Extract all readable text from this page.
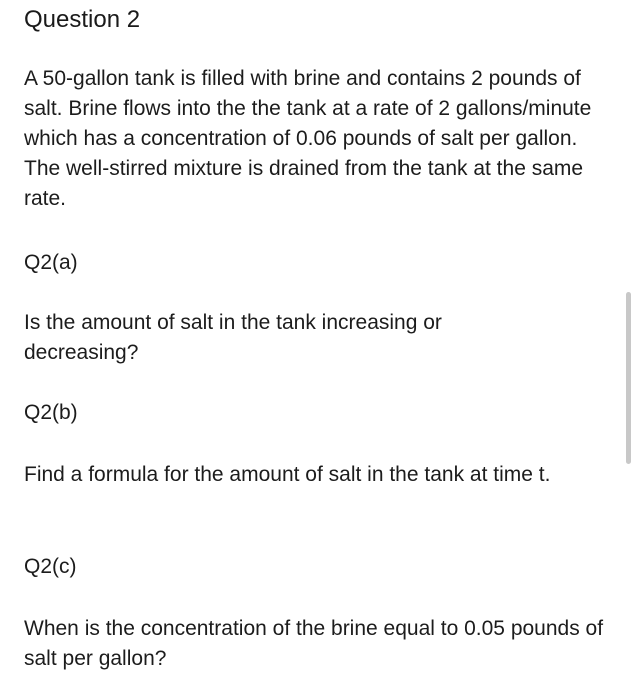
Question 2

A 50-gallon tank is filled with brine and contains 2 pounds of salt. Brine flows into the the tank at a rate of 2 gallons/minute which has a concentration of 0.06 pounds of salt per gallon. The well-stirred mixture is drained from the tank at the same rate.

Q2(a)

Is the amount of salt in the tank increasing or decreasing?

Q2(b)

Find a formula for the amount of salt in the tank at time t.

Q2(c)

When is the concentration of the brine equal to 0.05 pounds of salt per gallon?
